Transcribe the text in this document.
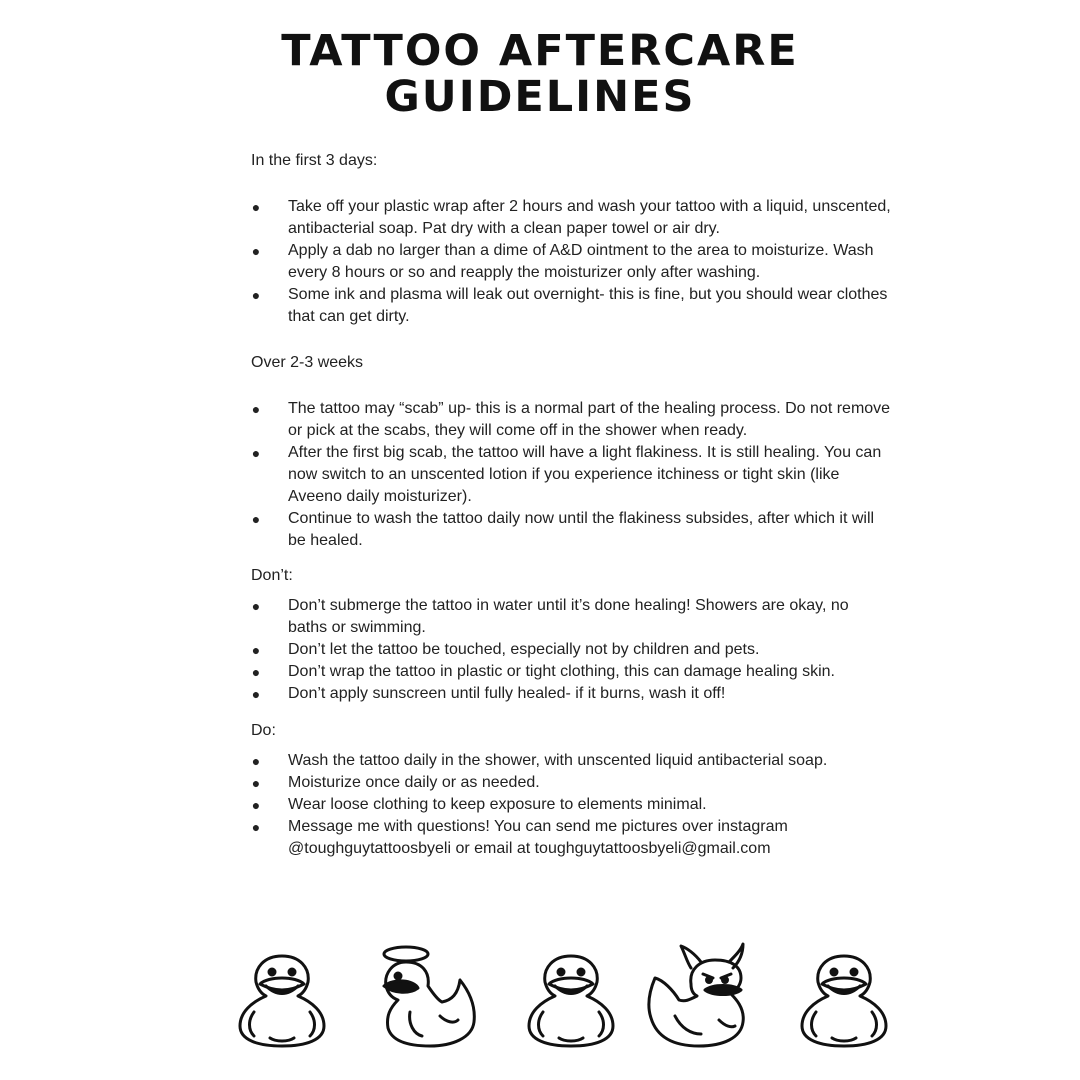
TATTOO AFTERCARE
GUIDELINES

In the first 3 days:

● Take off your plastic wrap after 2 hours and wash your tattoo with a liquid, unscented, antibacterial soap. Pat dry with a clean paper towel or air dry.
● Apply a dab no larger than a dime of A&D ointment to the area to moisturize. Wash every 8 hours or so and reapply the moisturizer only after washing.
● Some ink and plasma will leak out overnight- this is fine, but you should wear clothes that can get dirty.

Over 2-3 weeks

● The tattoo may “scab” up- this is a normal part of the healing process. Do not remove or pick at the scabs, they will come off in the shower when ready.
● After the first big scab, the tattoo will have a light flakiness. It is still healing. You can now switch to an unscented lotion if you experience itchiness or tight skin (like Aveeno daily moisturizer).
● Continue to wash the tattoo daily now until the flakiness subsides, after which it will be healed.

Don’t:

● Don’t submerge the tattoo in water until it’s done healing! Showers are okay, no baths or swimming.
● Don’t let the tattoo be touched, especially not by children and pets.
● Don’t wrap the tattoo in plastic or tight clothing, this can damage healing skin.
● Don’t apply sunscreen until fully healed- if it burns, wash it off!

Do:

● Wash the tattoo daily in the shower, with unscented liquid antibacterial soap.
● Moisturize once daily or as needed.
● Wear loose clothing to keep exposure to elements minimal.
● Message me with questions! You can send me pictures over instagram @toughguytattoosbyeli or email at toughguytattoosbyeli@gmail.com
